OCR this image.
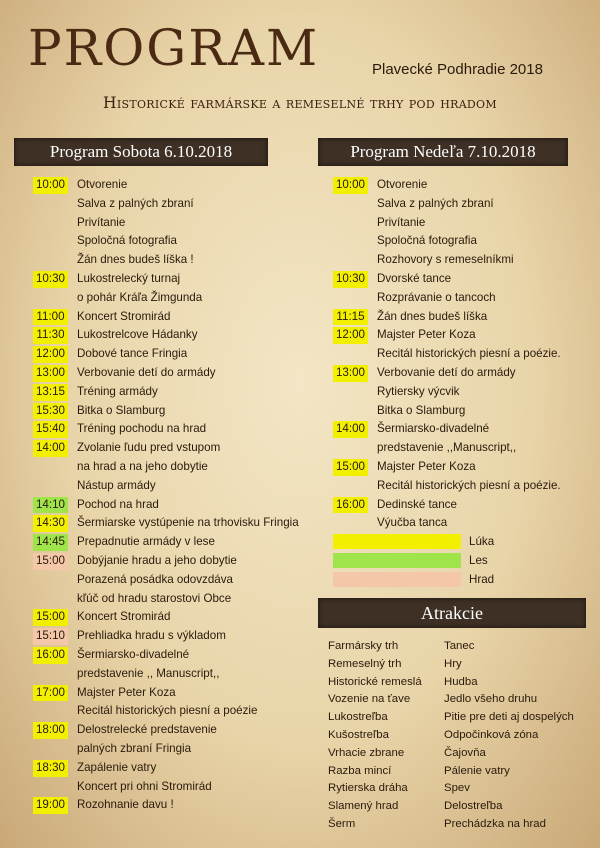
PROGRAM	Plavecké Podhradie 2018
Historické farmárske a remeselné trhy pod hradom
Program Sobota 6.10.2018	Program Nedeľa 7.10.2018
10:00 Otvorenie
Salva z palných zbraní
Privítanie
Spoločná fotografia
Žán dnes budeš líška !
10:30 Lukostrelecký turnaj
o pohár Kráľa Žimgunda
11:00 Koncert Stromirád
11:30 Lukostrelcove Hádanky
12:00 Dobové tance Fringia
13:00 Verbovanie detí do armády
13:15 Tréning armády
15:30 Bitka o Slamburg
15:40 Tréning pochodu na hrad
14:00 Zvolanie ľudu pred vstupom
na hrad a na jeho dobytie
Nástup armády
14:10 Pochod na hrad
14:30 Šermiarske vystúpenie na trhovisku Fringia
14:45 Prepadnutie armády v lese
15:00 Dobýjanie hradu a jeho dobytie
Porazená posádka odovzdáva
kľúč od hradu starostovi Obce
15:00 Koncert Stromirád
15:10 Prehliadka hradu s výkladom
16:00 Šermiarsko-divadelné
predstavenie ,, Manuscript,,
17:00 Majster Peter Koza
Recitál historických piesní a poézie
18:00 Delostrelecké predstavenie
palných zbraní Fringia
18:30 Zapálenie vatry
Koncert pri ohni Stromirád
19:00 Rozohnanie davu !
10:00 Otvorenie
Salva z palných zbraní
Privítanie
Spoločná fotografia
Rozhovory s remeselníkmi
10:30 Dvorské tance
Rozprávanie o tancoch
11:15 Žán dnes budeš líška
12:00 Majster Peter Koza
Recitál historických piesní a poézie.
13:00 Verbovanie detí do armády
Rytiersky výcvik
Bitka o Slamburg
14:00 Šermiarsko-divadelné
predstavenie ,,Manuscript,,
15:00 Majster Peter Koza
Recitál historických piesní a poézie.
16:00 Dedinské tance
Výučba tanca
Lúka
Les
Hrad
Atrakcie
Farmársky trh
Remeselný trh
Historické remeslá
Vozenie na ťave
Lukostreľba
Kušostreľba
Vrhacie zbrane
Razba mincí
Rytierska dráha
Slamený hrad
Šerm
Tanec
Hry
Hudba
Jedlo všeho druhu
Pitie pre deti aj dospelých
Odpočinková zóna
Čajovňa
Pálenie vatry
Spev
Delostreľba
Prechádzka na hrad
